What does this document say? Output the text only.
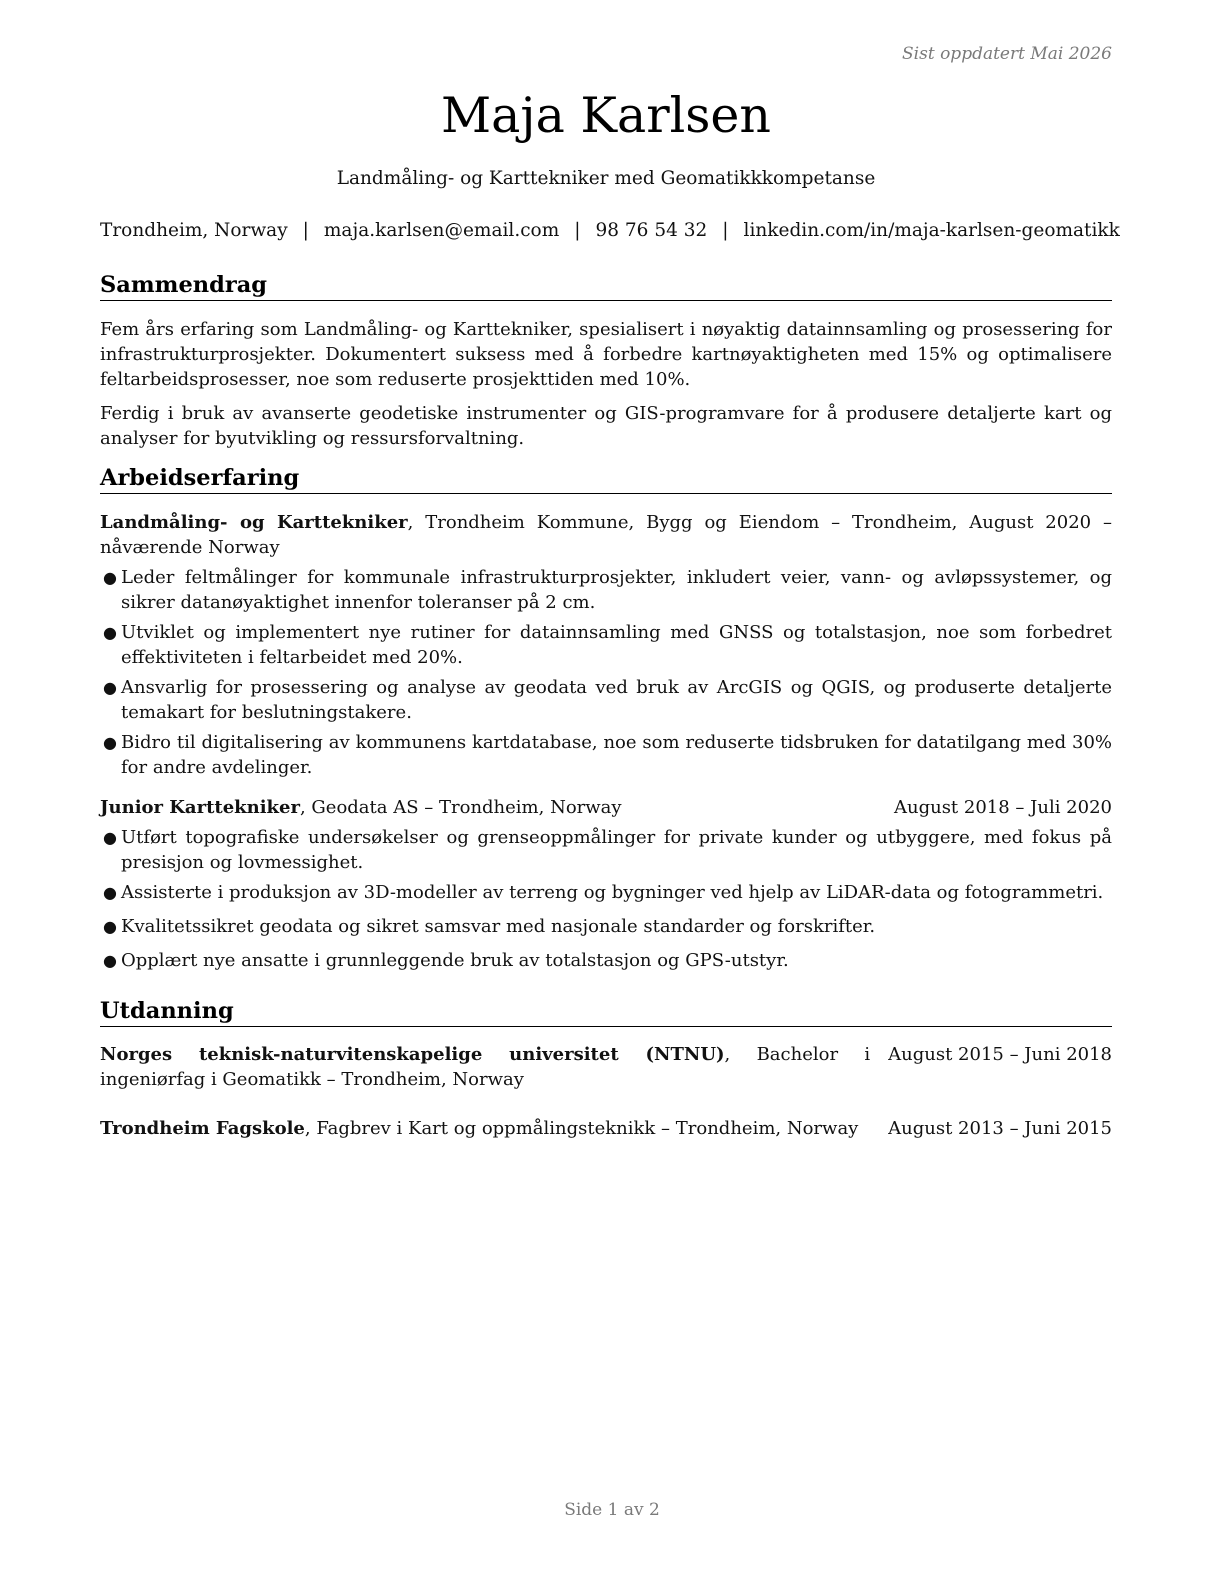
Sist oppdatert Mai 2026
Maja Karlsen
Landmåling- og Karttekniker med Geomatikkkompetanse
Trondheim, Norway | maja.karlsen@email.com | 98 76 54 32 | linkedin.com/in/maja-karlsen-geomatikk
Sammendrag

Fem års erfaring som Landmåling- og Karttekniker, spesialisert i nøyaktig datainnsamling og prosessering for infrastrukturprosjekter. Dokumentert suksess med å forbedre kartnøyaktigheten med 15% og optimalisere feltarbeidsprosesser, noe som reduserte prosjekttiden med 10%.

Ferdig i bruk av avanserte geodetiske instrumenter og GIS-programvare for å produsere detaljerte kart og analyser for byutvikling og ressursforvaltning.

Arbeidserfaring
Landmåling- og Karttekniker, Trondheim Kommune, Bygg og Eiendom – Trondheim, August 2020 – nåværende Norway
● Leder feltmålinger for kommunale infrastrukturprosjekter, inkludert veier, vann- og avløpssystemer, og sikrer datanøyaktighet innenfor toleranser på 2 cm.
● Utviklet og implementert nye rutiner for datainnsamling med GNSS og totalstasjon, noe som forbedret effektiviteten i feltarbeidet med 20%.
● Ansvarlig for prosessering og analyse av geodata ved bruk av ArcGIS og QGIS, og produserte detaljerte temakart for beslutningstakere.
● Bidro til digitalisering av kommunens kartdatabase, noe som reduserte tidsbruken for datatilgang med 30% for andre avdelinger.
Junior Karttekniker, Geodata AS – Trondheim, Norway	August 2018 – Juli 2020
● Utført topografiske undersøkelser og grenseoppmålinger for private kunder og utbyggere, med fokus på presisjon og lovmessighet.
● Assisterte i produksjon av 3D-modeller av terreng og bygninger ved hjelp av LiDAR-data og fotogrammetri.
● Kvalitetssikret geodata og sikret samsvar med nasjonale standarder og forskrifter.
● Opplært nye ansatte i grunnleggende bruk av totalstasjon og GPS-utstyr.
Utdanning
Norges teknisk-naturvitenskapelige universitet (NTNU), Bachelor i ingeniørfag i Geomatikk – Trondheim, Norway
August 2015 – Juni 2018
Trondheim Fagskole, Fagbrev i Kart og oppmålingsteknikk – Trondheim, Norway	August 2013 – Juni 2015
Side 1 av 2
